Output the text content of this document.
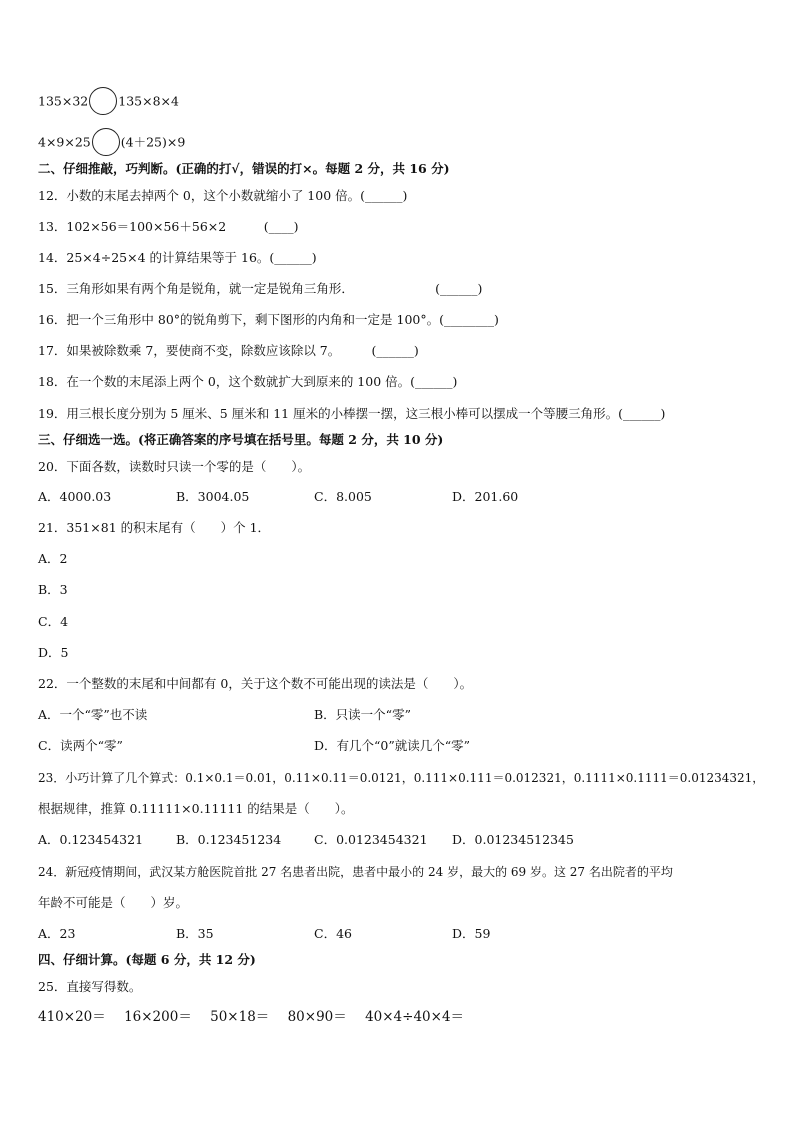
135×32 135×8×4
4×9×25 (4＋25)×9
二、仔细推敲，巧判断。(正确的打√，错误的打×。每题 2 分，共 16 分)
12．小数的末尾去掉两个 0，这个小数就缩小了 100 倍。(______)
13．102×56＝100×56＋56×2　　　(____)
14．25×4÷25×4 的计算结果等于 16。(______)
15．三角形如果有两个角是锐角，就一定是锐角三角形．　　　　　　　(______)
16．把一个三角形中 80°的锐角剪下，剩下图形的内角和一定是 100°。(________)
17．如果被除数乘 7，要使商不变，除数应该除以 7。　　　(______)
18．在一个数的末尾添上两个 0，这个数就扩大到原来的 100 倍。(______)
19．用三根长度分别为 5 厘米、5 厘米和 11 厘米的小棒摆一摆，这三根小棒可以摆成一个等腰三角形。(______)
三、仔细选一选。(将正确答案的序号填在括号里。每题 2 分，共 10 分)
20．下面各数，读数时只读一个零的是（　　）。
A．4000.03	B．3004.05	C．8.005	D．201.60
21．351×81 的积末尾有（　　）个 1．
A．2
B．3
C．4
D．5
22．一个整数的末尾和中间都有 0，关于这个数不可能出现的读法是（　　）。
A．一个“零”也不读	B．只读一个“零”
C．读两个“零”	D．有几个“0”就读几个“零”
23．小巧计算了几个算式：0.1×0.1＝0.01，0.11×0.11＝0.0121，0.111×0.111＝0.012321，0.1111×0.1111＝0.01234321，
根据规律，推算 0.11111×0.11111 的结果是（　　）。
A．0.123454321	B．0.123451234	C．0.0123454321 D．0.01234512345
24．新冠疫情期间，武汉某方舱医院首批 27 名患者出院，患者中最小的 24 岁，最大的 69 岁。这 27 名出院者的平均
年龄不可能是（　　）岁。
A．23	B．35	C．46	D．59
四、仔细计算。(每题 6 分，共 12 分)
25．直接写得数。
410×20＝ 16×200＝ 50×18＝ 80×90＝ 40×4÷40×4＝
